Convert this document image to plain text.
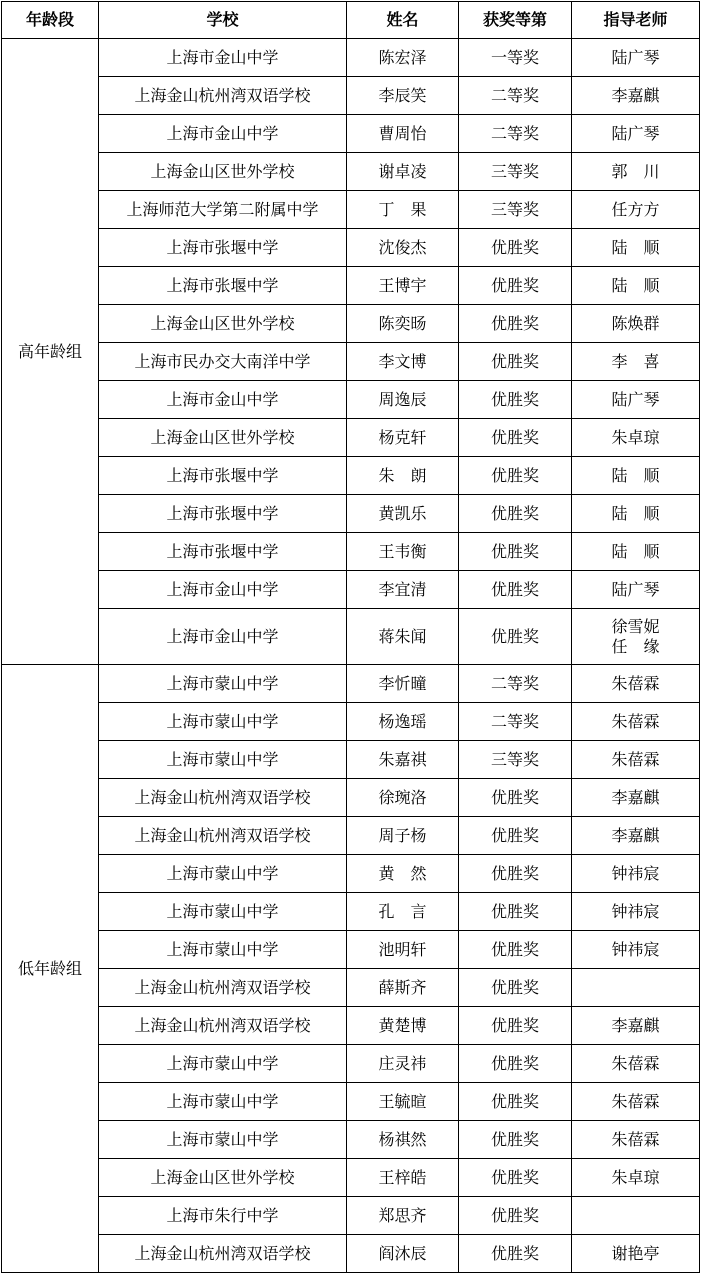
年龄段	学校	姓名	获奖等第	指导老师
高年龄组	上海市金山中学	陈宏泽	一等奖	陆广琴
	上海金山杭州湾双语学校	李辰笑	二等奖	李嘉麒
	上海市金山中学	曹周怡	二等奖	陆广琴
	上海金山区世外学校	谢卓凌	三等奖	郭　川
	上海师范大学第二附属中学	丁　果	三等奖	任方方
	上海市张堰中学	沈俊杰	优胜奖	陆　顺
	上海市张堰中学	王博宇	优胜奖	陆　顺
	上海金山区世外学校	陈奕旸	优胜奖	陈焕群
	上海市民办交大南洋中学	李文博	优胜奖	李　喜
	上海市金山中学	周逸辰	优胜奖	陆广琴
	上海金山区世外学校	杨克轩	优胜奖	朱卓琼
	上海市张堰中学	朱　朗	优胜奖	陆　顺
	上海市张堰中学	黄凯乐	优胜奖	陆　顺
	上海市张堰中学	王韦衡	优胜奖	陆　顺
	上海市金山中学	李宜清	优胜奖	陆广琴
	上海市金山中学	蒋朱闻	优胜奖	徐雪妮
任　缘

低年龄组	上海市蒙山中学	李忻曈	二等奖	朱蓓霖
	上海市蒙山中学	杨逸瑶	二等奖	朱蓓霖
	上海市蒙山中学	朱嘉祺	三等奖	朱蓓霖
	上海金山杭州湾双语学校	徐琬洛	优胜奖	李嘉麒
	上海金山杭州湾双语学校	周子杨	优胜奖	李嘉麒
	上海市蒙山中学	黄　然	优胜奖	钟祎宸
	上海市蒙山中学	孔　言	优胜奖	钟祎宸
	上海市蒙山中学	池明轩	优胜奖	钟祎宸
	上海金山杭州湾双语学校	薛斯齐	优胜奖	
	上海金山杭州湾双语学校	黄楚博	优胜奖	李嘉麒
	上海市蒙山中学	庄灵祎	优胜奖	朱蓓霖
	上海市蒙山中学	王毓暄	优胜奖	朱蓓霖
	上海市蒙山中学	杨祺然	优胜奖	朱蓓霖
	上海金山区世外学校	王梓皓	优胜奖	朱卓琼
	上海市朱行中学	郑思齐	优胜奖	
	上海金山杭州湾双语学校	阎沐辰	优胜奖	谢艳亭
